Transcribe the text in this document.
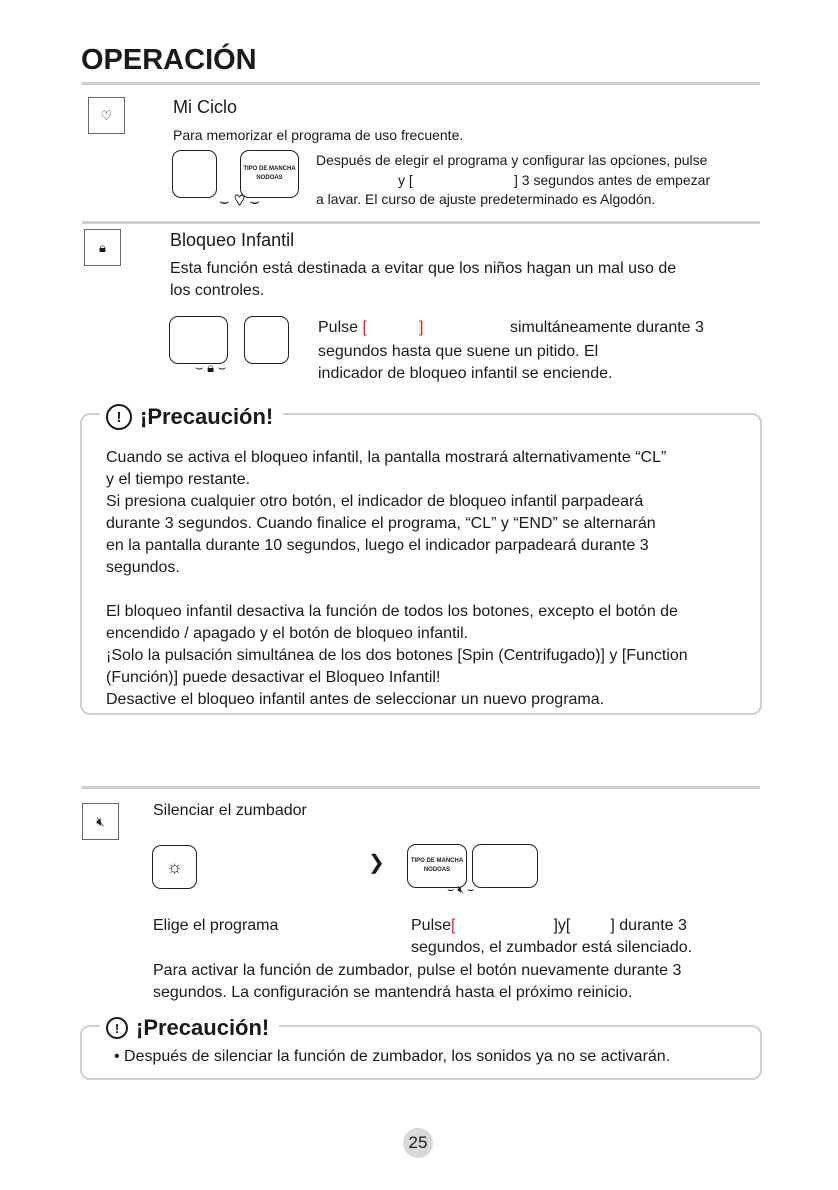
OPERACIÓN
♡	Mi Ciclo
Para memorizar el programa de uso frecuente.
TIPO DE MANCHA
NODOAS
⌣ ♡ ⌣
Después de elegir el programa y configurar las opciones, pulse
y [	] 3 segundos antes de empezar
a lavar. El curso de ajuste predeterminado es Algodón.
🔒︎	Bloqueo Infantil
Esta función está destinada a evitar que los niños hagan un mal uso de
los controles.
⌣ 🔒︎ ⌣
Pulse [	]	simultáneamente durante 3
segundos hasta que suene un pitido. El
indicador de bloqueo infantil se enciende.
! ¡Precaución!
Cuando se activa el bloqueo infantil, la pantalla mostrará alternativamente “CL”
y el tiempo restante.
Si presiona cualquier otro botón, el indicador de bloqueo infantil parpadeará
durante 3 segundos. Cuando finalice el programa, “CL” y “END” se alternarán
en la pantalla durante 10 segundos, luego el indicador parpadeará durante 3
segundos.
El bloqueo infantil desactiva la función de todos los botones, excepto el botón de
encendido / apagado y el botón de bloqueo infantil.
¡Solo la pulsación simultánea de los dos botones [Spin (Centrifugado)] y [Function
(Función)] puede desactivar el Bloqueo Infantil!
Desactive el bloqueo infantil antes de seleccionar un nuevo programa.
🔇︎
Silenciar el zumbador
☼	❯	TIPO DE MANCHA
NODOAS
⌣ 🔇︎ ⌣
Elige el programa	Pulse[	]y[	] durante 3
segundos, el zumbador está silenciado.
Para activar la función de zumbador, pulse el botón nuevamente durante 3
segundos. La configuración se mantendrá hasta el próximo reinicio.
! ¡Precaución!
• Después de silenciar la función de zumbador, los sonidos ya no se activarán.
25
